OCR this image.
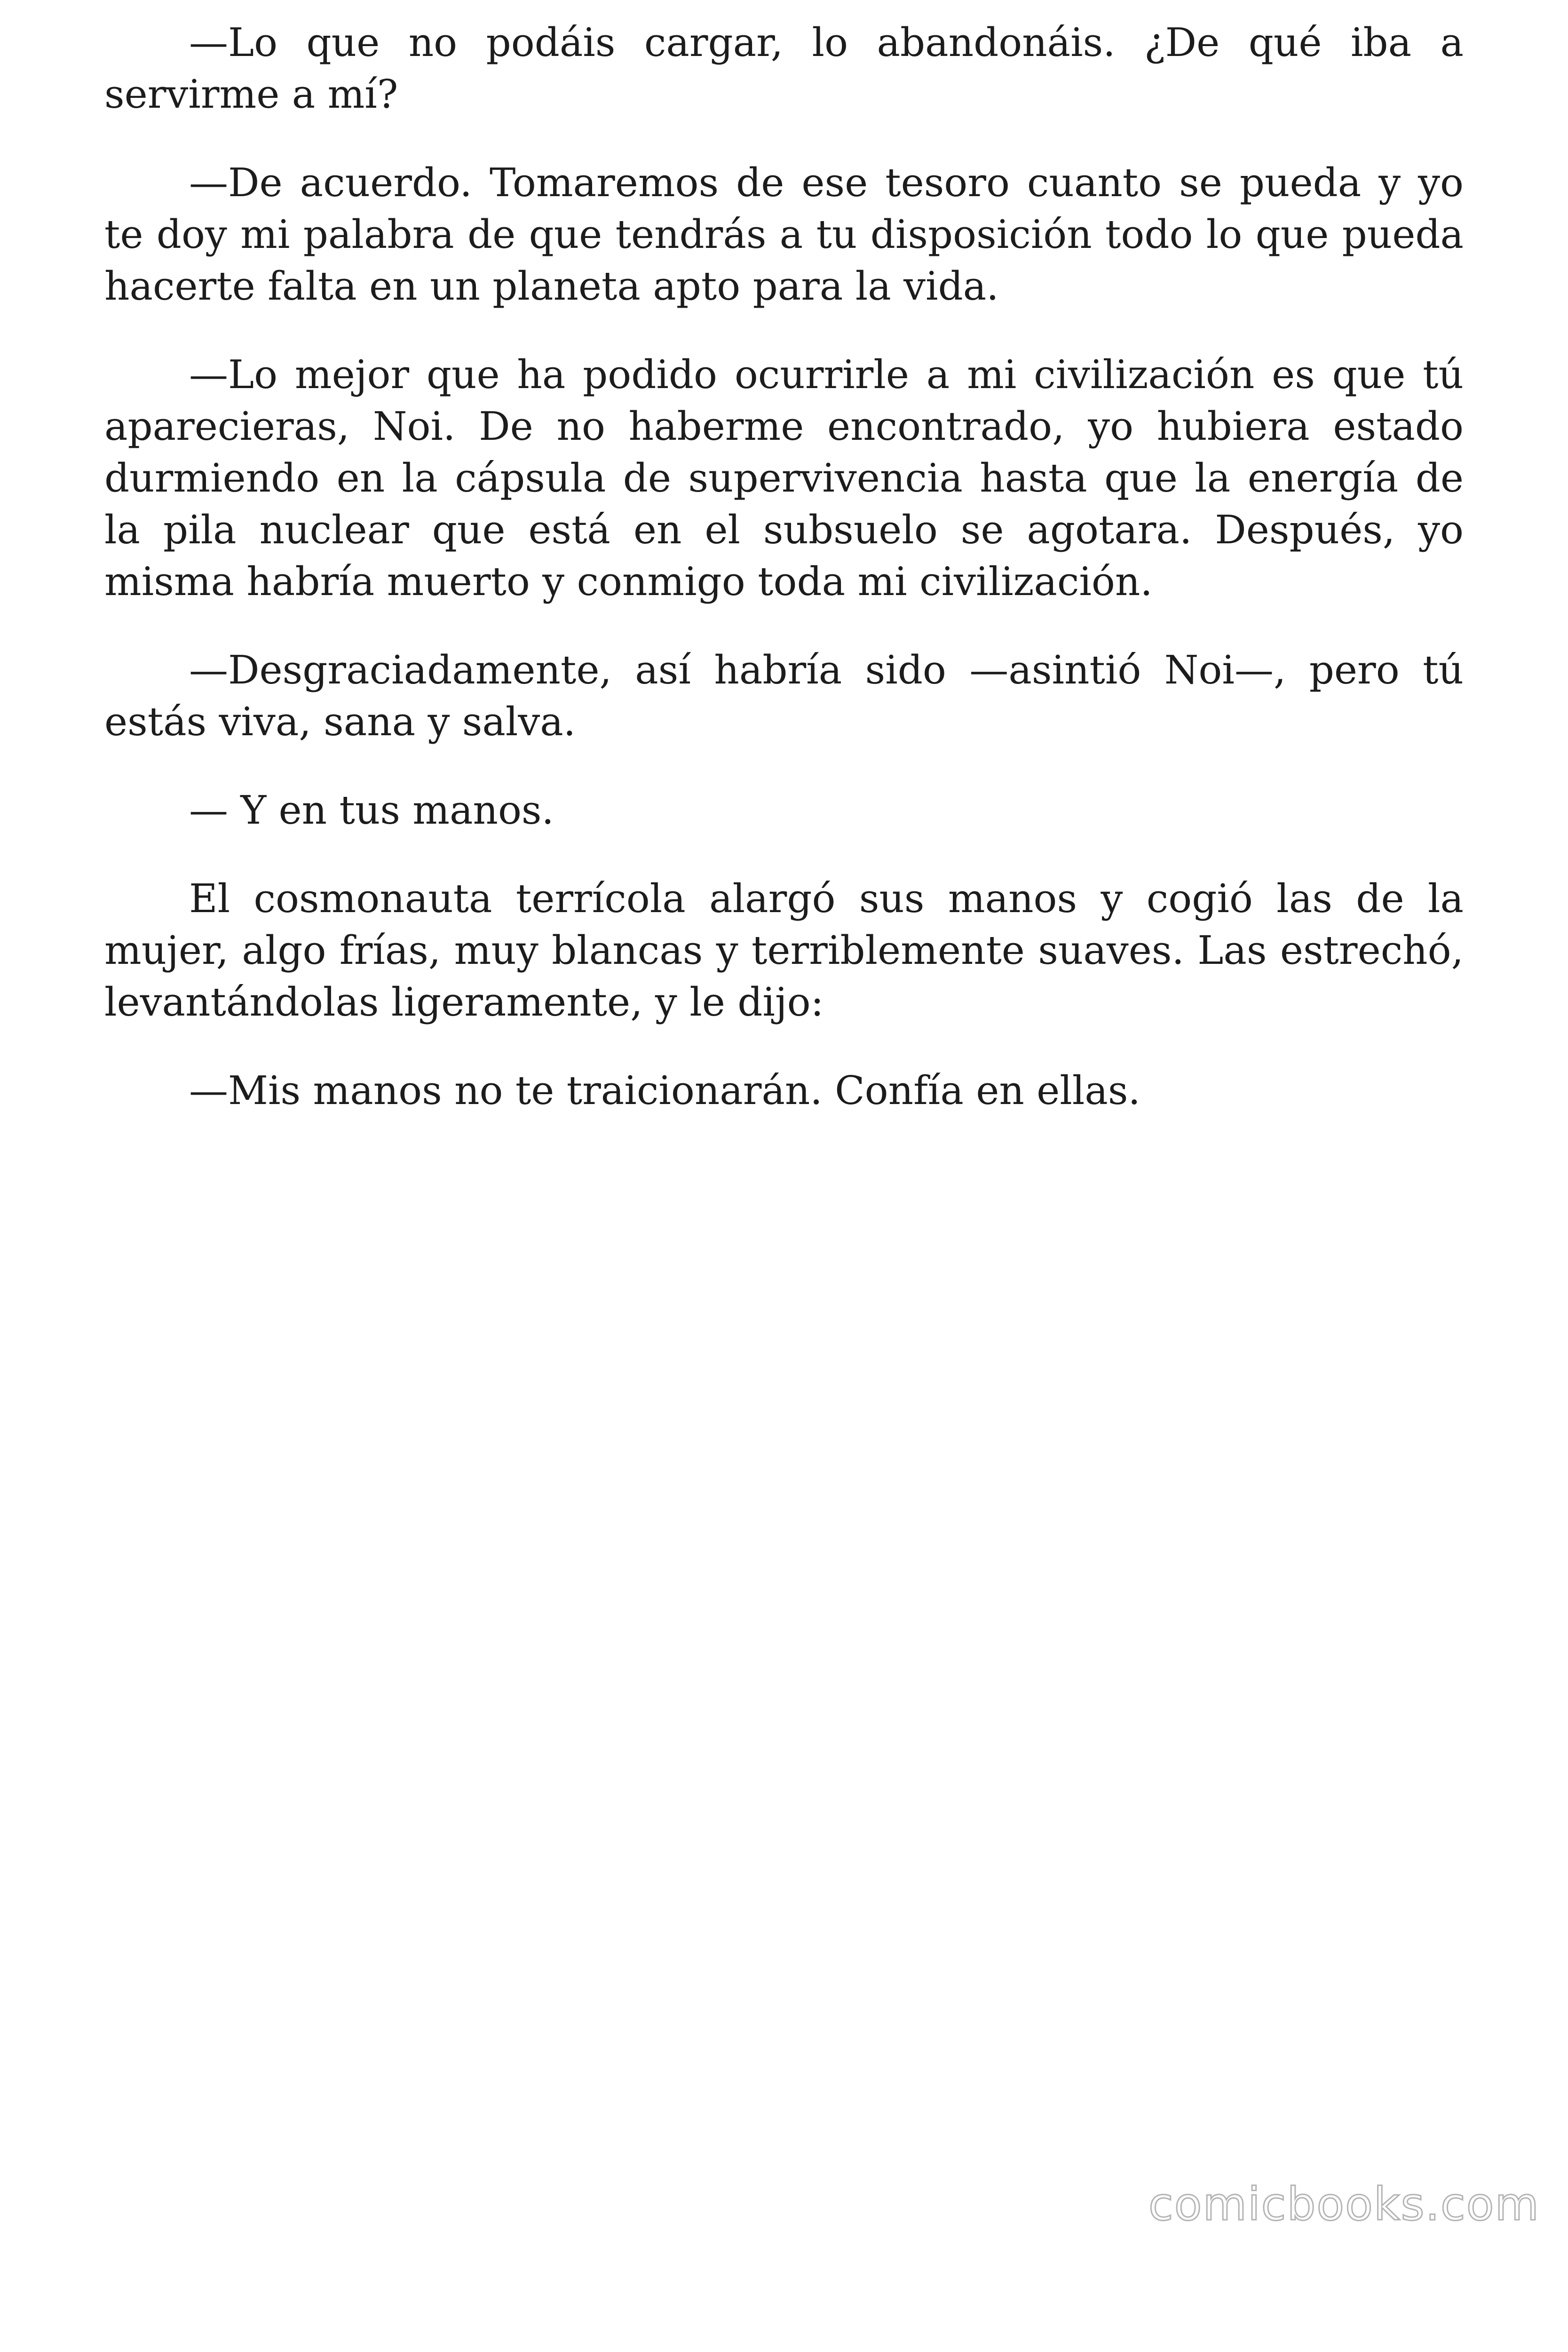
—Lo que no podáis cargar, lo abandonáis. ¿De qué iba a servirme a mí?

—De acuerdo. Tomaremos de ese tesoro cuanto se pueda y yo te doy mi palabra de que tendrás a tu disposición todo lo que pueda hacerte falta en un planeta apto para la vida.

—Lo mejor que ha podido ocurrirle a mi civilización es que tú aparecieras, Noi. De no haberme encontrado, yo hubiera estado durmiendo en la cápsula de supervivencia hasta que la energía de la pila nuclear que está en el subsuelo se agotara. Después, yo misma habría muerto y conmigo toda mi civilización.

—Desgraciadamente, así habría sido —asintió Noi—, pero tú estás viva, sana y salva.

— Y en tus manos.

El cosmonauta terrícola alargó sus manos y cogió las de la mujer, algo frías, muy blancas y terriblemente suaves. Las estrechó, levantándolas ligeramente, y le dijo:

—Mis manos no te traicionarán. Confía en ellas.

comicbooks.com
